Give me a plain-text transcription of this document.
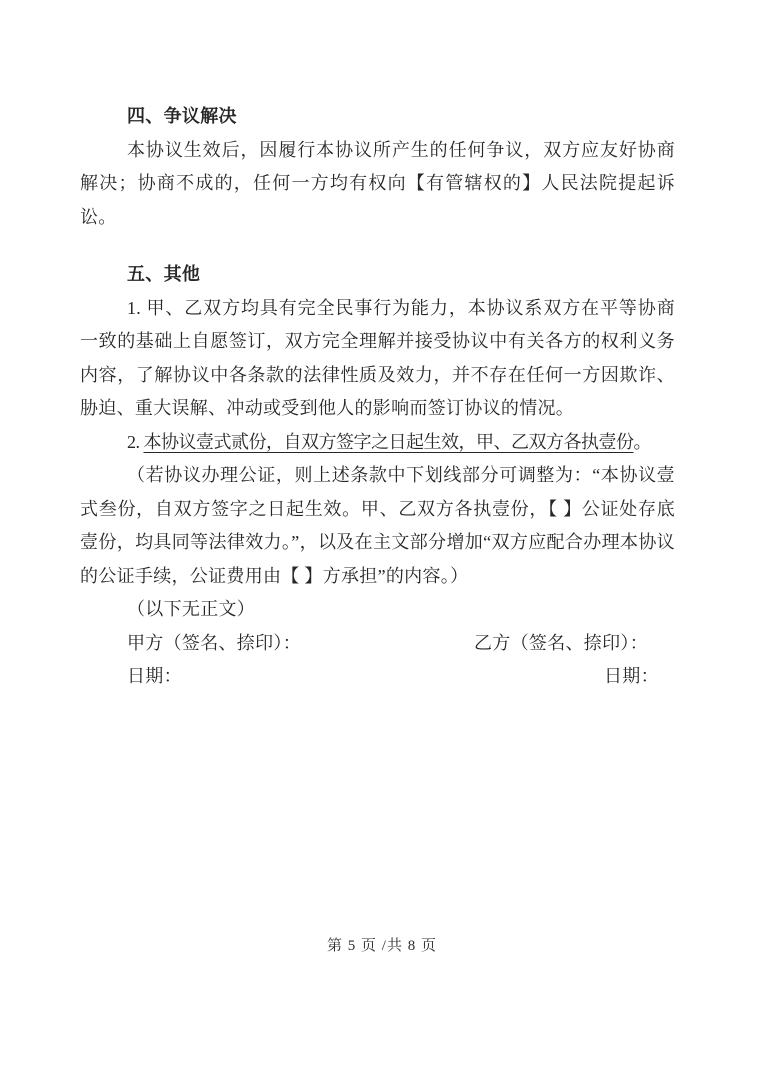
四、争议解决

本协议生效后，因履行本协议所产生的任何争议，双方应友好协商解决；协商不成的，任何一方均有权向【有管辖权的】人民法院提起诉讼。

五、其他

1. 甲、乙双方均具有完全民事行为能力，本协议系双方在平等协商一致的基础上自愿签订，双方完全理解并接受协议中有关各方的权利义务内容，了解协议中各条款的法律性质及效力，并不存在任何一方因欺诈、胁迫、重大误解、冲动或受到他人的影响而签订协议的情况。

2. 本协议壹式贰份，自双方签字之日起生效，甲、乙双方各执壹份。

（若协议办理公证，则上述条款中下划线部分可调整为：“本协议壹式叁份，自双方签字之日起生效。甲、乙双方各执壹份，【 】公证处存底壹份，均具同等法律效力。”，以及在主文部分增加“双方应配合办理本协议的公证手续，公证费用由【 】方承担”的内容。）

（以下无正文）

甲方（签名、捺印）：	乙方（签名、捺印）：
日期：	日期：
第 5 页 /共 8 页
